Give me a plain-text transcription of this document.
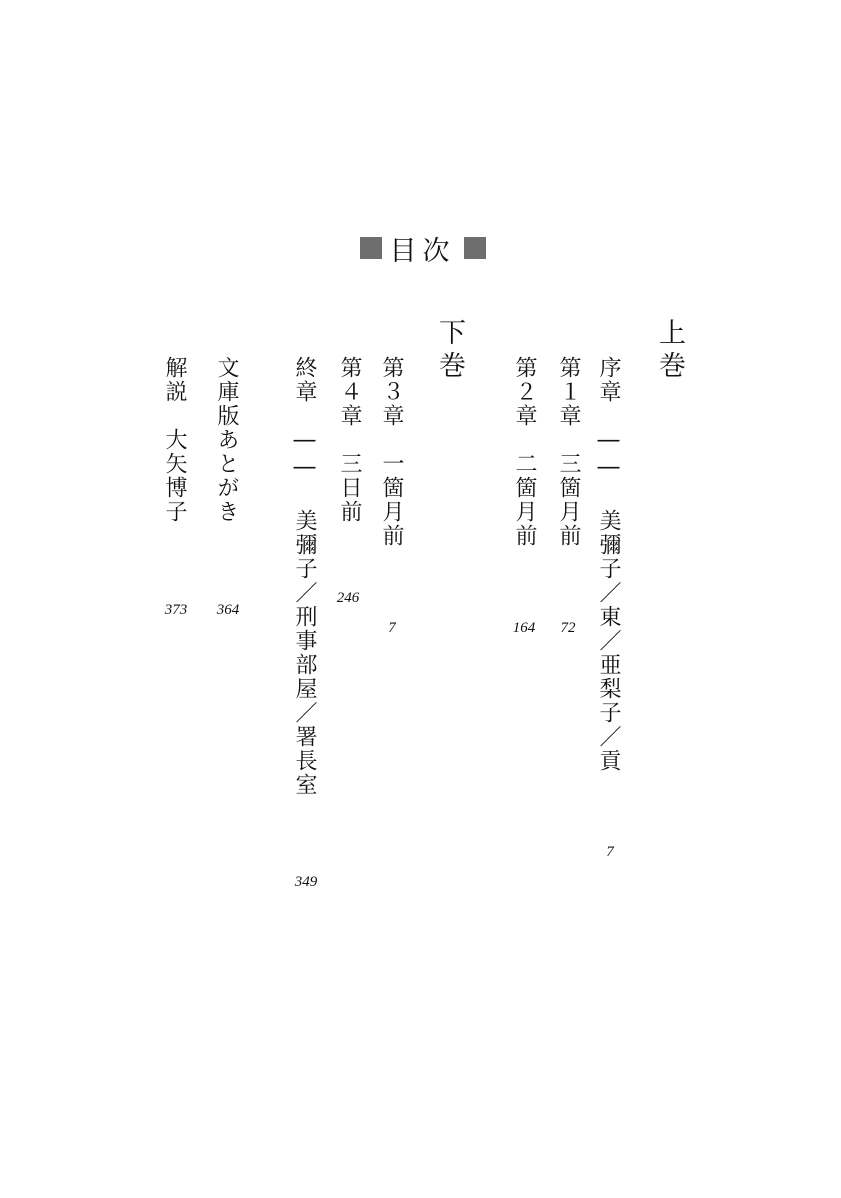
目次
上巻
序章　―― 美彌子／東／亜梨子／貢
7
第１章　三箇月前
72
第２章　二箇月前
164
下巻
第３章　一箇月前
7
第４章　三日前
246
終章　―― 美彌子／刑事部屋／署長室
349
文庫版あとがき
364
解説　大矢博子
373
